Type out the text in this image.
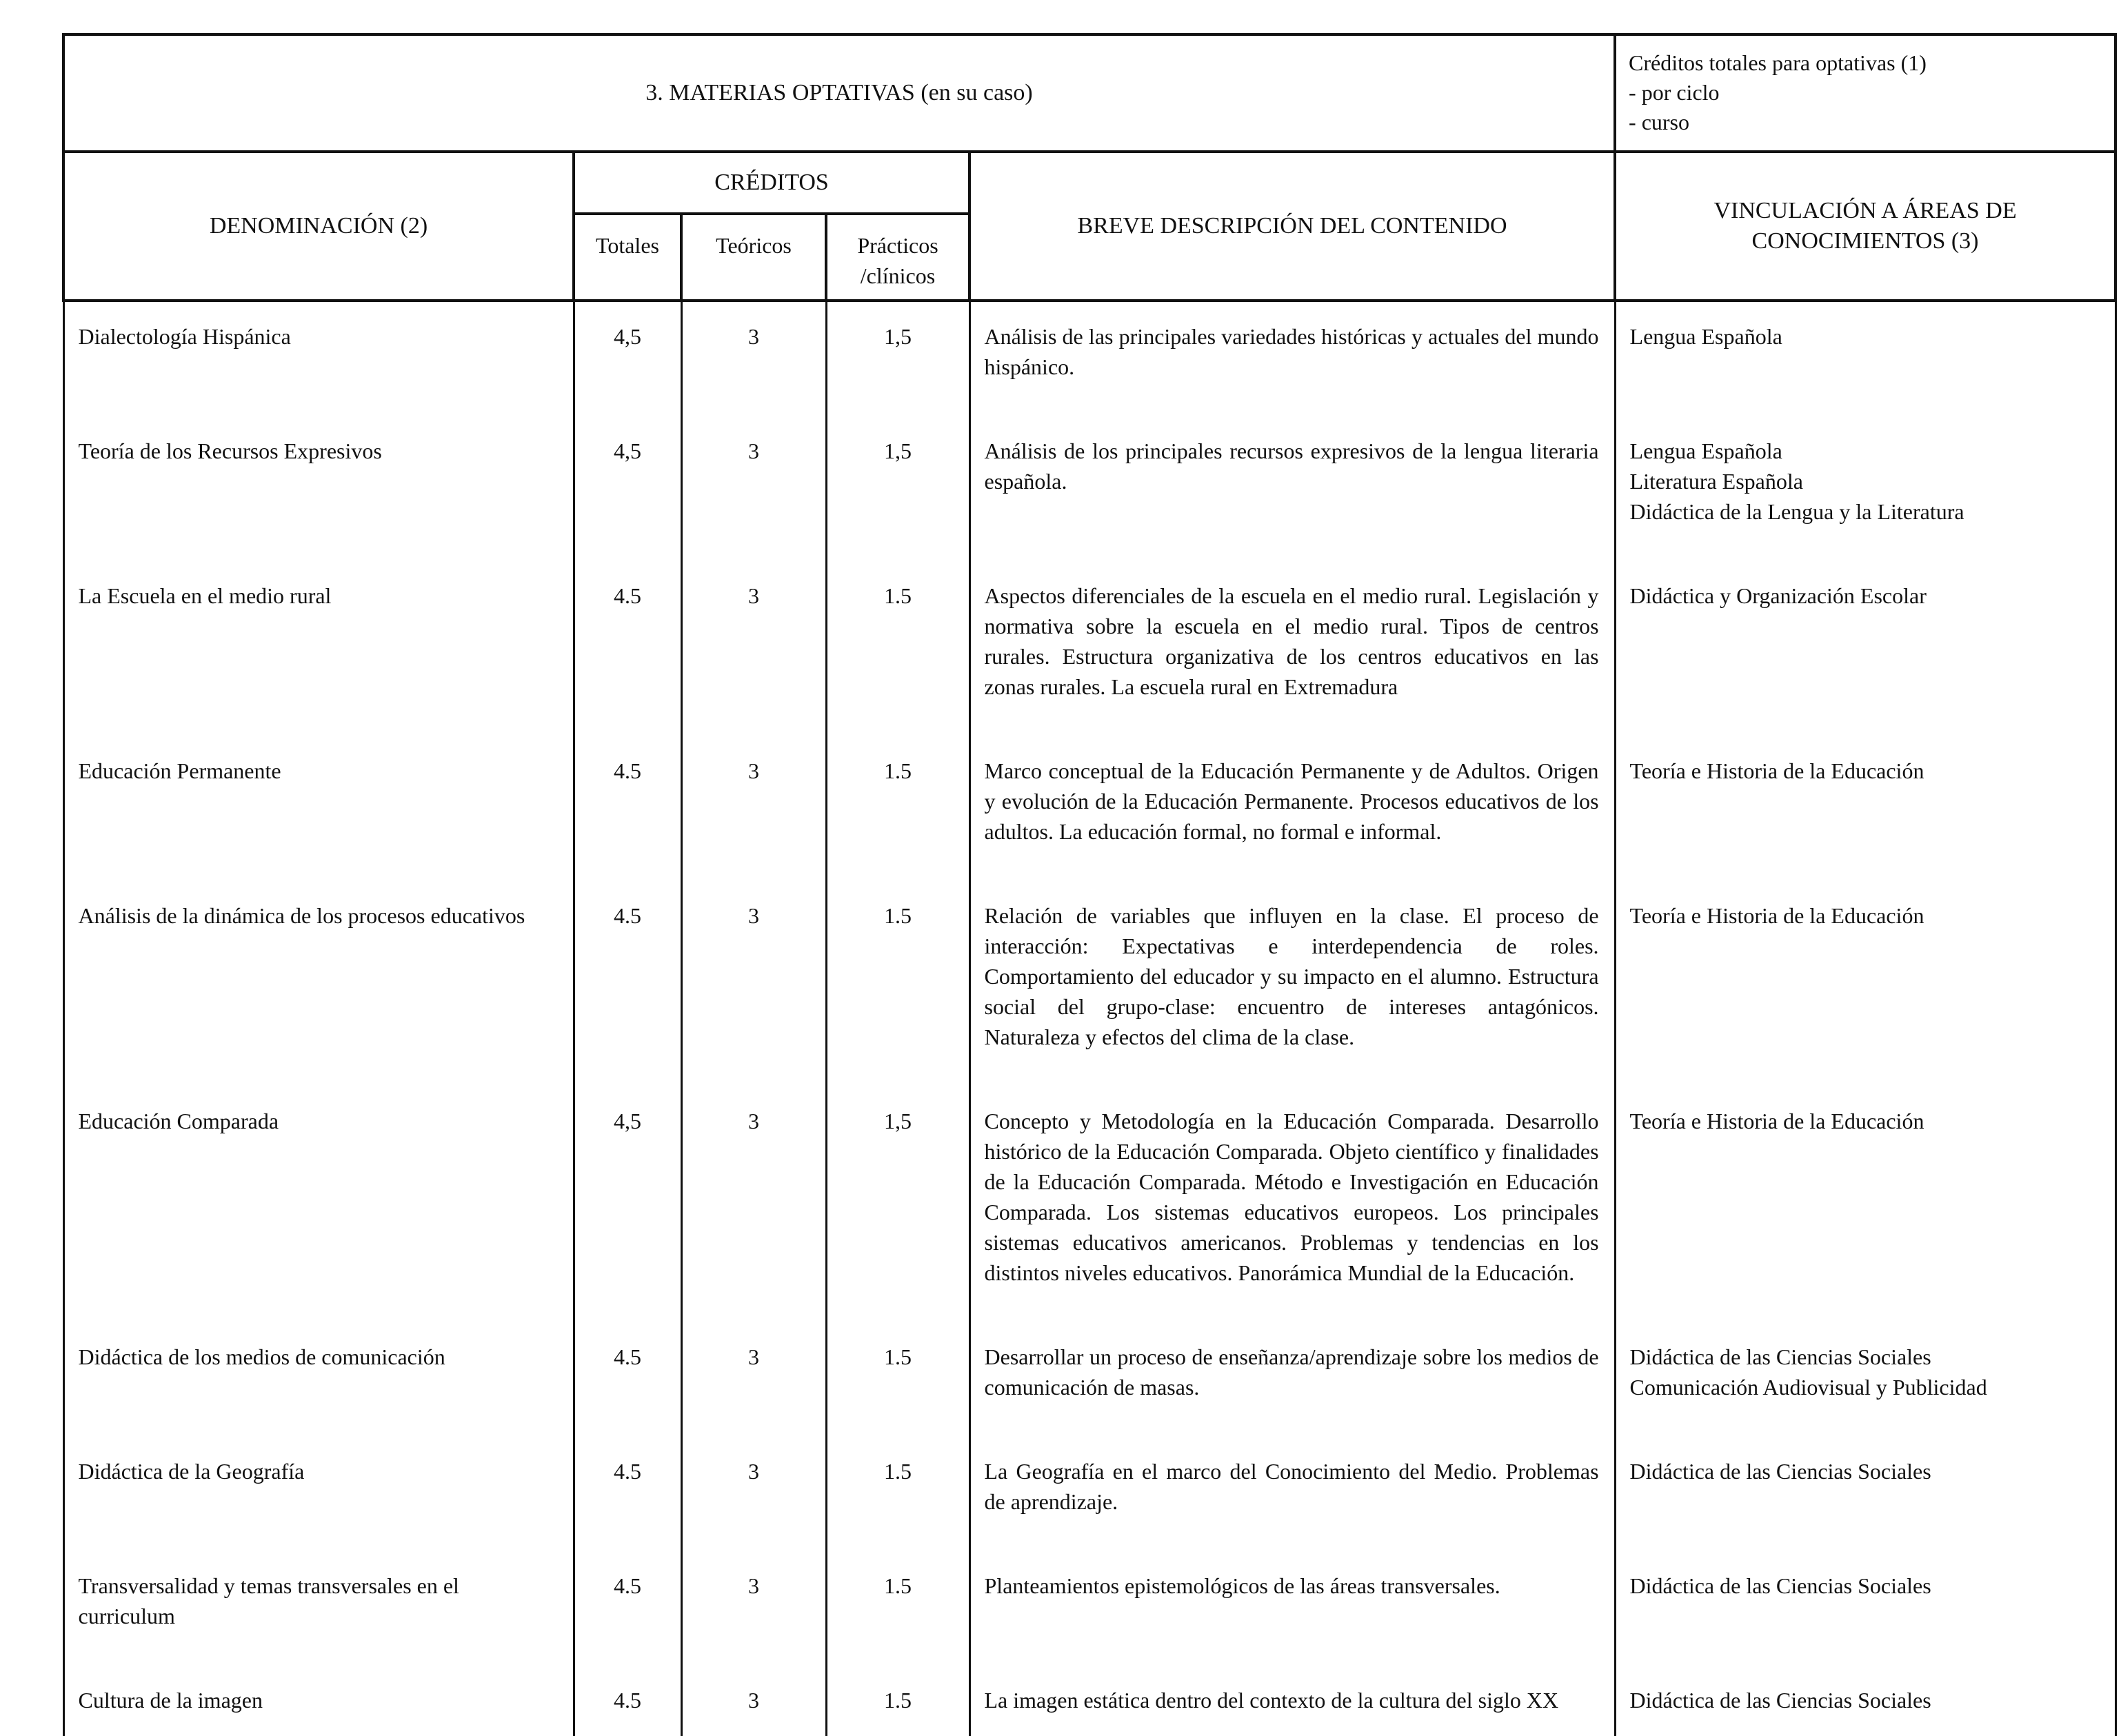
3. MATERIAS OPTATIVAS (en su caso)					Créditos totales para optativas (1)
- por ciclo
- curso

DENOMINACIÓN (2)	CRÉDITOS			BREVE DESCRIPCIÓN DEL CONTENIDO	VINCULACIÓN A ÁREAS DE CONOCIMIENTOS (3)
	Totales	Teóricos	Prácticos /clínicos		
Dialectología Hispánica	4,5	3	1,5	Análisis de las principales variedades históricas y actuales del mundo hispánico.	Lengua Española

Teoría de los Recursos Expresivos	4,5	3	1,5	Análisis de los principales recursos expresivos de la lengua literaria española.	Lengua Española
Literatura Española
Didáctica de la Lengua y la Literatura

La Escuela en el medio rural	4.5	3	1.5	Aspectos diferenciales de la escuela en el medio rural. Legislación y normativa sobre la escuela en el medio rural. Tipos de centros rurales. Estructura organizativa de los centros educativos en las zonas rurales. La escuela rural en Extremadura	Didáctica y Organización Escolar

Educación Permanente	4.5	3	1.5	Marco conceptual de la Educación Permanente y de Adultos. Origen y evolución de la Educación Permanente. Procesos educativos de los adultos. La educación formal, no formal e informal.	Teoría e Historia de la Educación

Análisis de la dinámica de los procesos educativos	4.5	3	1.5	Relación de variables que influyen en la clase. El proceso de interacción: Expectativas e interdependencia de roles. Comportamiento del educador y su impacto en el alumno. Estructura social del grupo-clase: encuentro de intereses antagónicos. Naturaleza y efectos del clima de la clase.	Teoría e Historia de la Educación

Educación Comparada	4,5	3	1,5	Concepto y Metodología en la Educación Comparada. Desarrollo histórico de la Educación Comparada. Objeto científico y finalidades de la Educación Comparada. Método e Investigación en Educación Comparada. Los sistemas educativos europeos. Los principales sistemas educativos americanos. Problemas y tendencias en los distintos niveles educativos. Panorámica Mundial de la Educación.	Teoría e Historia de la Educación

Didáctica de los medios de comunicación	4.5	3	1.5	Desarrollar un proceso de enseñanza/aprendizaje sobre los medios de comunicación de masas.	Didáctica de las Ciencias Sociales
Comunicación Audiovisual y Publicidad

Didáctica de la Geografía	4.5	3	1.5	La Geografía en el marco del Conocimiento del Medio. Problemas de aprendizaje.	Didáctica de las Ciencias Sociales

Transversalidad y temas transversales en el curriculum	4.5	3	1.5	Planteamientos epistemológicos de las áreas transversales.	Didáctica de las Ciencias Sociales

Cultura de la imagen	4.5	3	1.5	La imagen estática dentro del contexto de la cultura del siglo XX	Didáctica de las Ciencias Sociales
